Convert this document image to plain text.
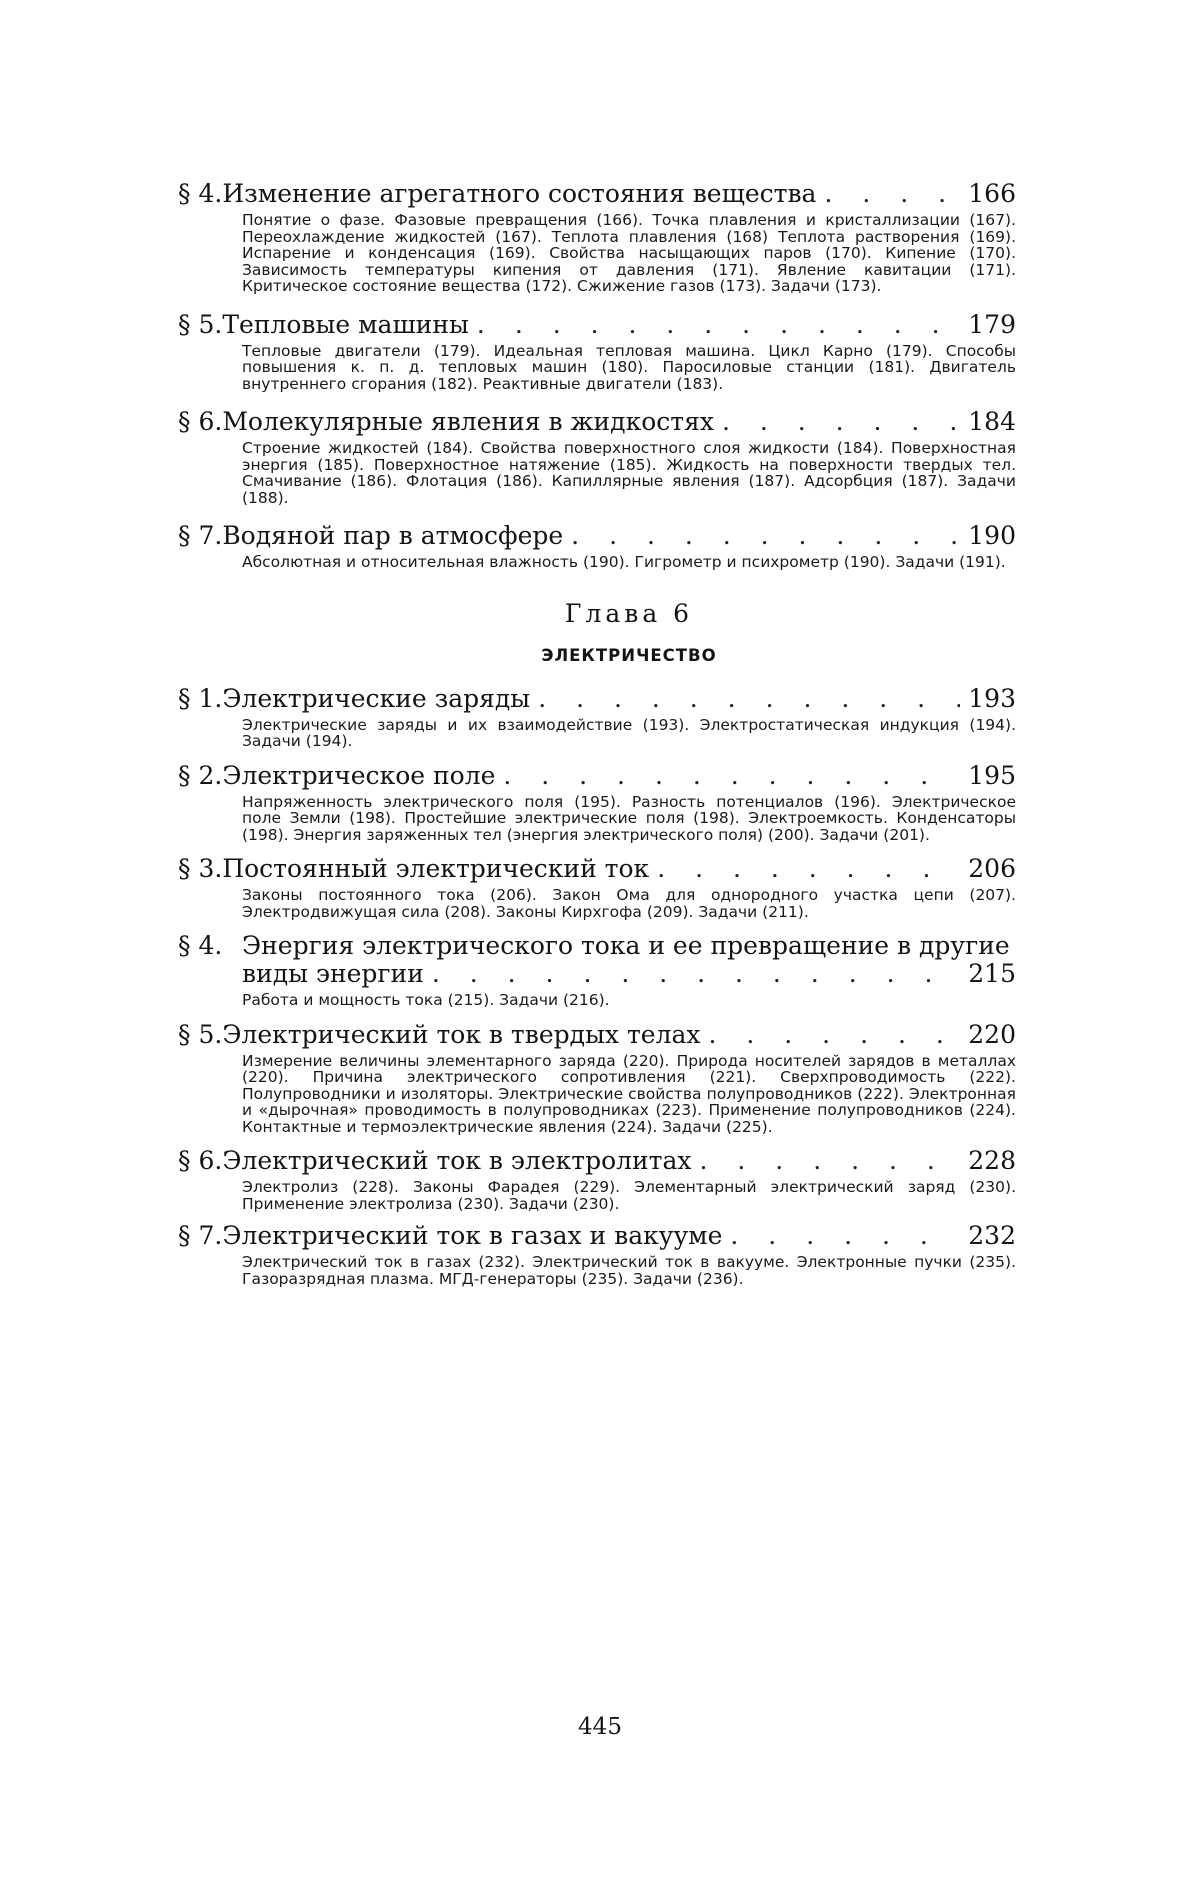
§ 4. Изменение агрегатного состояния вещества . . .	166
Понятие о фазе. Фазовые превращения (166). Точка плавления и кристаллизации (167). Переохлаждение жидкостей (167). Теплота плавления (168) Теплота растворения (169). Испарение и конденсация (169). Свойства насыщающих паров (170). Кипение (170). Зависимость температуры кипения от давления (171). Явление кавитации (171). Критическое состояние вещества (172). Сжижение газов (173). Задачи (173).
§ 5. Тепловые машины . . .	179
Тепловые двигатели (179). Идеальная тепловая машина. Цикл Карно (179). Способы повышения к. п. д. тепловых машин (180). Паросиловые станции (181). Двигатель внутреннего сгорания (182). Реактивные двигатели (183).
§ 6. Молекулярные явления в жидкостях . . .	184
Строение жидкостей (184). Свойства поверхностного слоя жидкости (184). Поверхностная энергия (185). Поверхностное натяжение (185). Жидкость на поверхности твердых тел. Смачивание (186). Флотация (186). Капиллярные явления (187). Адсорбция (187). Задачи (188).
§ 7. Водяной пар в атмосфере . . .	190
Абсолютная и относительная влажность (190). Гигрометр и психрометр (190). Задачи (191).
Глава 6
ЭЛЕКТРИЧЕСТВО
§ 1. Электрические заряды . . .	193
Электрические заряды и их взаимодействие (193). Электростатическая индукция (194). Задачи (194).
§ 2. Электрическое поле . . .	195
Напряженность электрического поля (195). Разность потенциалов (196). Электрическое поле Земли (198). Простейшие электрические поля (198). Электроемкость. Конденсаторы (198). Энергия заряженных тел (энергия электрического поля) (200). Задачи (201).
§ 3. Постоянный электрический ток . . .	206
Законы постоянного тока (206). Закон Ома для однородного участка цепи (207). Электродвижущая сила (208). Законы Кирхгофа (209). Задачи (211).
§ 4. Энергия электрического тока и ее превращение в другие
виды энергии . . .	215
Работа и мощность тока (215). Задачи (216).
§ 5. Электрический ток в твердых телах . . .	220
Измерение величины элементарного заряда (220). Природа носителей зарядов в металлах (220). Причина электрического сопротивления (221). Сверхпроводимость (222). Полупроводники и изоляторы. Электрические свойства полупроводников (222). Электронная и «дырочная» проводимость в полупроводниках (223). Применение полупроводников (224). Контактные и термоэлектрические явления (224). Задачи (225).
§ 6. Электрический ток в электролитах . . .	228
Электролиз (228). Законы Фарадея (229). Элементарный электрический заряд (230). Применение электролиза (230). Задачи (230).
§ 7. Электрический ток в газах и вакууме . . .	232
Электрический ток в газах (232). Электрический ток в вакууме. Электронные пучки (235). Газоразрядная плазма. МГД-генераторы (235). Задачи (236).
445
